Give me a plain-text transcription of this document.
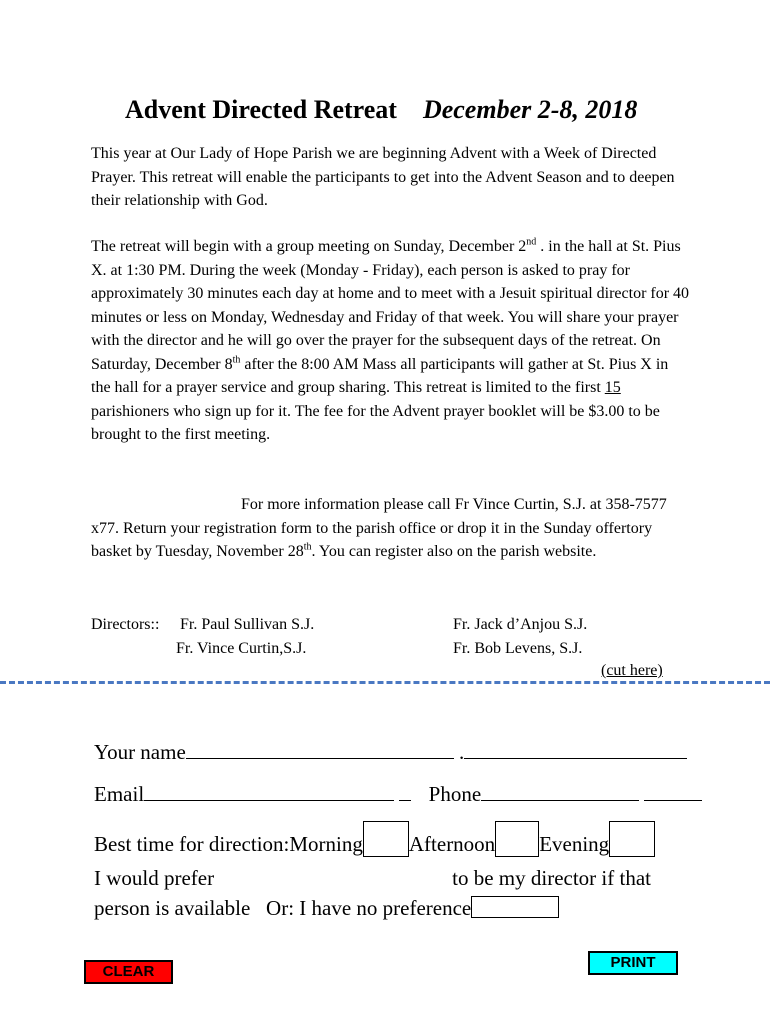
Advent Directed Retreat December 2-8, 2018

This year at Our Lady of Hope Parish we are beginning Advent with a Week of Directed Prayer. This retreat will enable the participants to get into the Advent Season and to deepen their relationship with God.

The retreat will begin with a group meeting on Sunday, December 2nd . in the hall at St. Pius X. at 1:30 PM. During the week (Monday - Friday), each person is asked to pray for approximately 30 minutes each day at home and to meet with a Jesuit spiritual director for 40 minutes or less on Monday, Wednesday and Friday of that week. You will share your prayer with the director and he will go over the prayer for the subsequent days of the retreat. On Saturday, December 8th after the 8:00 AM Mass all participants will gather at St. Pius X in the hall for a prayer service and group sharing. This retreat is limited to the first 15 parishioners who sign up for it. The fee for the Advent prayer booklet will be $3.00 to be brought to the first meeting.

For more information please call Fr Vince Curtin, S.J. at 358-7577 x77. Return your registration form to the parish office or drop it in the Sunday offertory basket by Tuesday, November 28th. You can register also on the parish website.

Directors:: Fr. Paul Sullivan S.J.	Fr. Jack d’Anjou S.J.
Fr. Vince Curtin,S.J.	Fr. Bob Levens, S.J.
(cut here)
Your name	.
Email	Phone
Best time for direction:Morning Afternoon Evening
I would prefer	to be my director if that
person is available Or: I have no preference
CLEAR
PRINT
